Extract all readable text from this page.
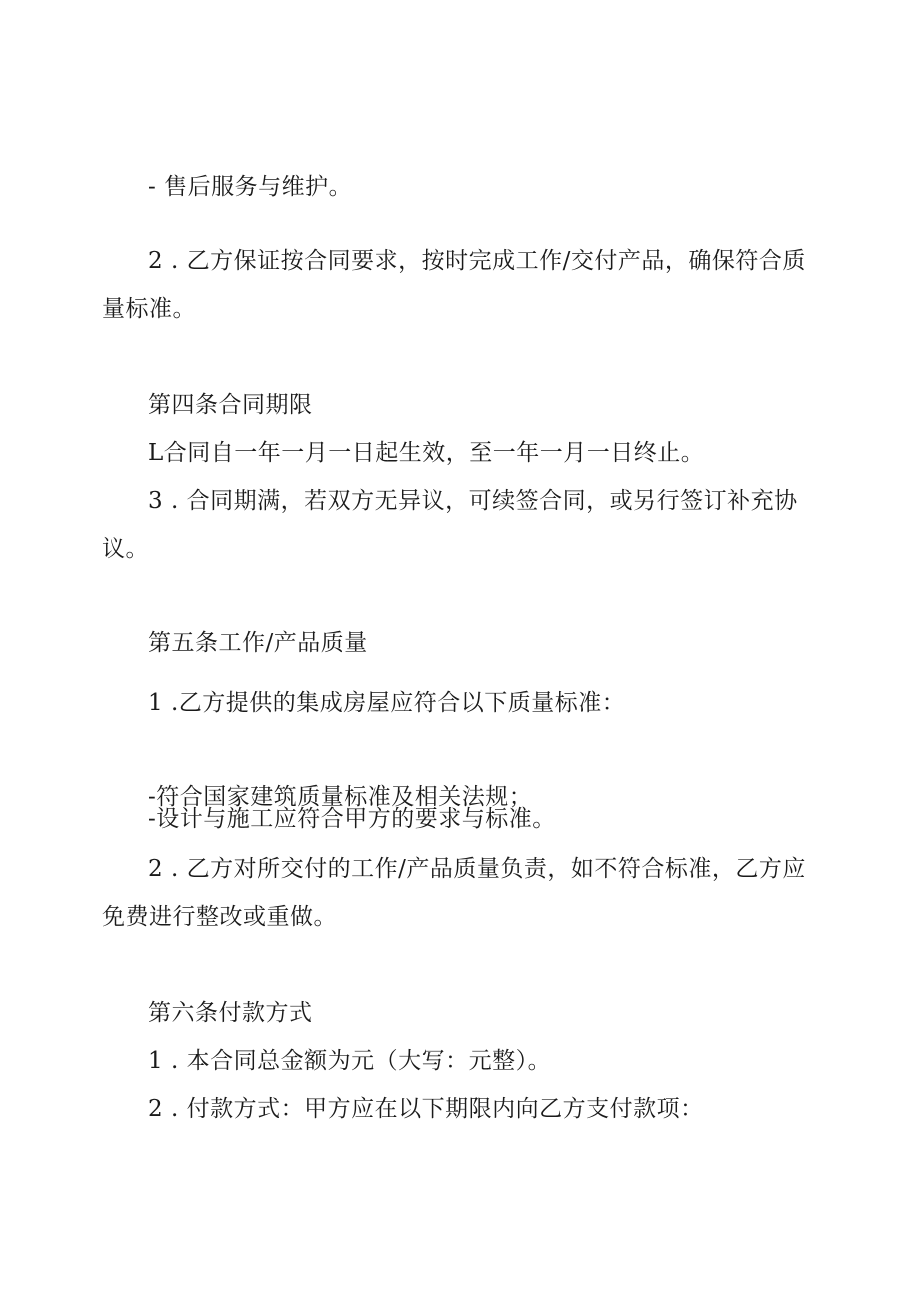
- 售后服务与维护。
2 . 乙方保证按合同要求，按时完成工作/交付产品，确保符合质
量标准。
第四条合同期限
L合同自一年一月一日起生效，至一年一月一日终止。
3 . 合同期满，若双方无异议，可续签合同，或另行签订补充协
议。
第五条工作/产品质量
1 .乙方提供的集成房屋应符合以下质量标准：
-符合国家建筑质量标准及相关法规；
-设计与施工应符合甲方的要求与标准。
2 . 乙方对所交付的工作/产品质量负责，如不符合标准，乙方应
免费进行整改或重做。
第六条付款方式
1 . 本合同总金额为元（大写：元整）。
2 . 付款方式：甲方应在以下期限内向乙方支付款项：
